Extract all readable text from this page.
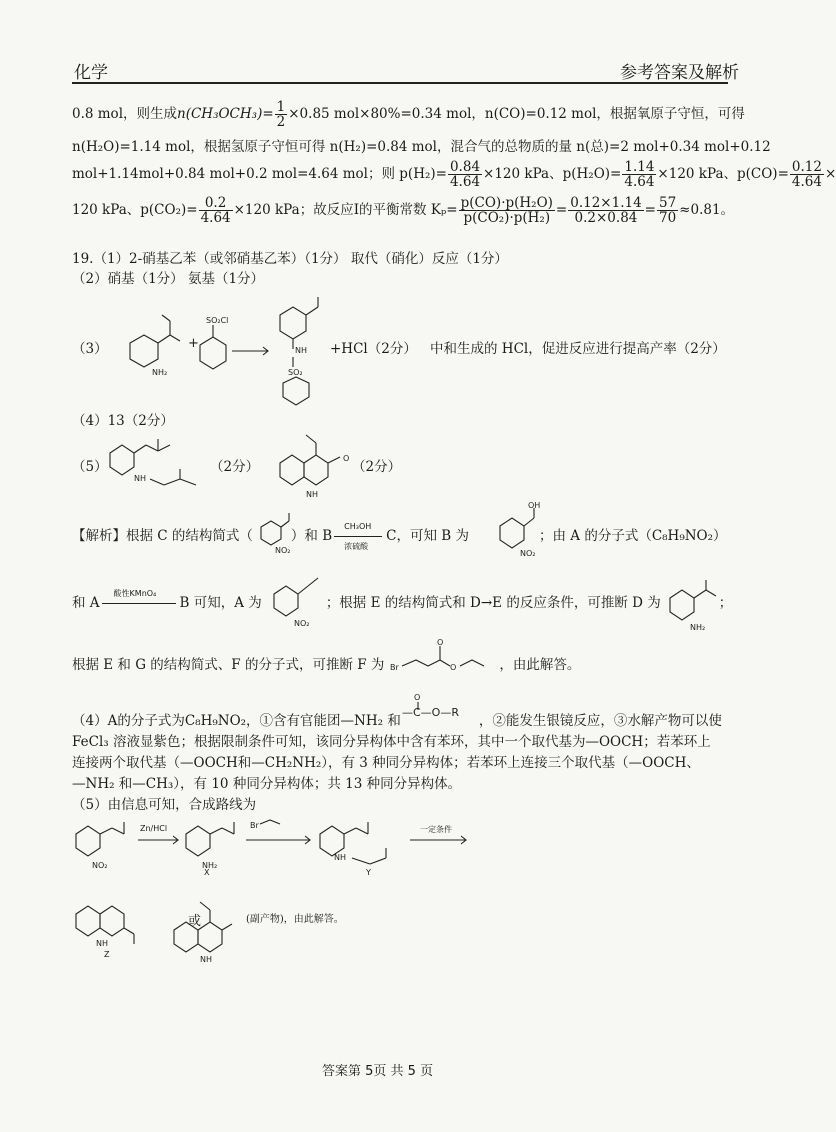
化学	参考答案及解析
0.8 mol，则生成$n(CH_3OCH_3)= \frac{1}{2} \times 0.85$ mol×80%=0.34 mol，n(CO)=0.12 mol，根据氧原子守恒，可得
n(H₂O)=1.14 mol，根据氢原子守恒可得 n(H₂)=0.84 mol，混合气的总物质的量 n(总)=2 mol+0.34 mol+0.12
mol+1.14mol+0.84 mol+0.2 mol=4.64 mol；则 $p(H_2)= \frac{0.84}{4.64} \times 120$ kPa、$p(H_2O)= \frac{1.14}{4.64} \times 120$ kPa、$p(CO)= \frac{0.12}{4.64}$ ×
120 kPa、$p(CO_2)= \frac{0.2}{4.64} \times 120$ kPa；故反应Ⅰ的平衡常数 $K_p= \frac{\text{p(CO)·p(H₂O)}}{\text{p(CO₂)·p(H₂)}} = \frac{0.12\times 1.14}{0.2\times 0.84} = \frac{57}{70} \approx 0.81$。
19.（1）2-硝基乙苯（或邻硝基乙苯）（1分） 取代（硝化）反应（1分）
（2）硝基（1分） 氨基（1分）
（3）
NH₂
+
SO₂Cl
NH
SO₂
+HCl（2分） 中和生成的 HCl，促进反应进行提高产率（2分）
（4）13（2分）
（5）
NH
O
NH
（2分）	（2分）
【解析】根据 C 的结构简式（	）和 B
CH₃OH
浓硫酸
C，可知 B 为	；由 A 的分子式（C₈H₉NO₂）
NO₂
OH
NO₂
和 A
酸性KMnO₄
B 可知，A 为	；根据 E 的结构简式和 D→E 的反应条件，可推断 D 为	；
NO₂	NH₂
根据 E 和 G 的结构简式、F 的分子式，可推断 F 为	，由此解答。
Br
O
O
O
—C—O—R
（4）A的分子式为C₈H₉NO₂，①含有官能团—NH₂ 和	，②能发生银镜反应，③水解产物可以使
FeCl₃ 溶液显紫色；根据限制条件可知，该同分异构体中含有苯环，其中一个取代基为—OOCH；若苯环上
连接两个取代基（—OOCH和—CH₂NH₂），有 3 种同分异构体；若苯环上连接三个取代基（—OOCH、
—NH₂ 和—CH₃），有 10 种同分异构体；共 13 种同分异构体。
（5）由信息可知，合成路线为
NO₂	NH₂
Br
NH
Zn/HCl	一定条件
X	Y
NH
NH
或	(副产物)，由此解答。
Z
答案第 5页 共 5 页
